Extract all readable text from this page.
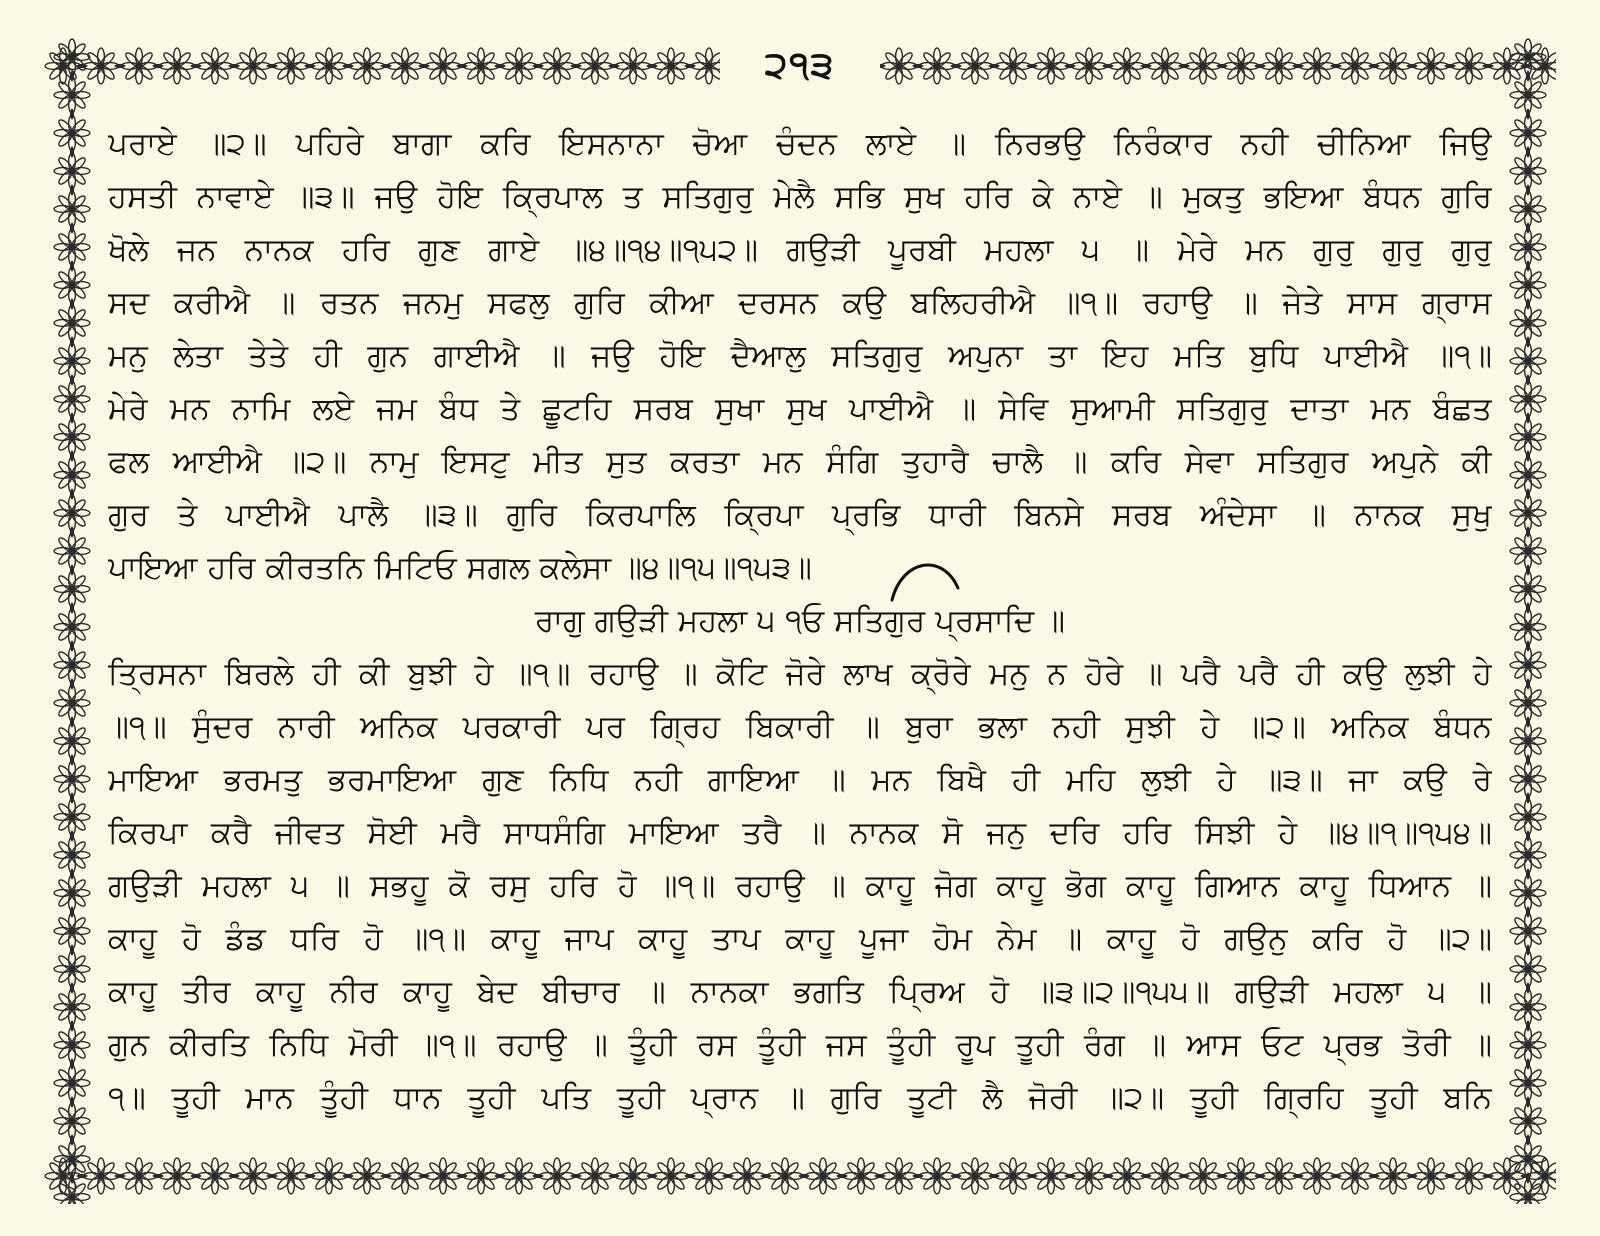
੨੧੩
ਪਰਾਏ ॥੨॥ ਪਹਿਰੇ ਬਾਗਾ ਕਰਿ ਇਸਨਾਨਾ ਚੋਆ ਚੰਦਨ ਲਾਏ ॥ ਨਿਰਭਉ ਨਿਰੰਕਾਰ ਨਹੀ ਚੀਨਿਆ ਜਿਉ
ਹਸਤੀ ਨਾਵਾਏ ॥੩॥ ਜਉ ਹੋਇ ਕ੍ਰਿਪਾਲ ਤ ਸਤਿਗੁਰੁ ਮੇਲੈ ਸਭਿ ਸੁਖ ਹਰਿ ਕੇ ਨਾਏ ॥ ਮੁਕਤੁ ਭਇਆ ਬੰਧਨ ਗੁਰਿ
ਖੋਲੇ ਜਨ ਨਾਨਕ ਹਰਿ ਗੁਣ ਗਾਏ ॥੪॥੧੪॥੧੫੨॥ ਗਉੜੀ ਪੂਰਬੀ ਮਹਲਾ ੫ ॥ ਮੇਰੇ ਮਨ ਗੁਰੁ ਗੁਰੁ ਗੁਰੁ
ਸਦ ਕਰੀਐ ॥ ਰਤਨ ਜਨਮੁ ਸਫਲੁ ਗੁਰਿ ਕੀਆ ਦਰਸਨ ਕਉ ਬਲਿਹਰੀਐ ॥੧॥ ਰਹਾਉ ॥ ਜੇਤੇ ਸਾਸ ਗ੍ਰਾਸ
ਮਨੁ ਲੇਤਾ ਤੇਤੇ ਹੀ ਗੁਨ ਗਾਈਐ ॥ ਜਉ ਹੋਇ ਦੈਆਲੁ ਸਤਿਗੁਰੁ ਅਪੁਨਾ ਤਾ ਇਹ ਮਤਿ ਬੁਧਿ ਪਾਈਐ ॥੧॥
ਮੇਰੇ ਮਨ ਨਾਮਿ ਲਏ ਜਮ ਬੰਧ ਤੇ ਛੂਟਹਿ ਸਰਬ ਸੁਖਾ ਸੁਖ ਪਾਈਐ ॥ ਸੇਵਿ ਸੁਆਮੀ ਸਤਿਗੁਰੁ ਦਾਤਾ ਮਨ ਬੰਛਤ
ਫਲ ਆਈਐ ॥੨॥ ਨਾਮੁ ਇਸਟੁ ਮੀਤ ਸੁਤ ਕਰਤਾ ਮਨ ਸੰਗਿ ਤੁਹਾਰੈ ਚਾਲੈ ॥ ਕਰਿ ਸੇਵਾ ਸਤਿਗੁਰ ਅਪੁਨੇ ਕੀ
ਗੁਰ ਤੇ ਪਾਈਐ ਪਾਲੈ ॥੩॥ ਗੁਰਿ ਕਿਰਪਾਲਿ ਕ੍ਰਿਪਾ ਪ੍ਰਭਿ ਧਾਰੀ ਬਿਨਸੇ ਸਰਬ ਅੰਦੇਸਾ ॥ ਨਾਨਕ ਸੁਖੁ
ਪਾਇਆ ਹਰਿ ਕੀਰਤਨਿ ਮਿਟਿਓ ਸਗਲ ਕਲੇਸਾ ॥੪॥੧੫॥੧੫੩॥
ਰਾਗੁ ਗਉੜੀ ਮਹਲਾ ੫ ੧ਓ ਸਤਿਗੁਰ ਪ੍ਰਸਾਦਿ ॥
ਤ੍ਰਿਸਨਾ ਬਿਰਲੇ ਹੀ ਕੀ ਬੁਝੀ ਹੇ ॥੧॥ ਰਹਾਉ ॥ ਕੋਟਿ ਜੋਰੇ ਲਾਖ ਕ੍ਰੋਰੇ ਮਨੁ ਨ ਹੋਰੇ ॥ ਪਰੈ ਪਰੈ ਹੀ ਕਉ ਲੁਝੀ ਹੇ
॥੧॥ ਸੁੰਦਰ ਨਾਰੀ ਅਨਿਕ ਪਰਕਾਰੀ ਪਰ ਗ੍ਰਿਹ ਬਿਕਾਰੀ ॥ ਬੁਰਾ ਭਲਾ ਨਹੀ ਸੁਝੀ ਹੇ ॥੨॥ ਅਨਿਕ ਬੰਧਨ
ਮਾਇਆ ਭਰਮਤੁ ਭਰਮਾਇਆ ਗੁਣ ਨਿਧਿ ਨਹੀ ਗਾਇਆ ॥ ਮਨ ਬਿਖੈ ਹੀ ਮਹਿ ਲੁਝੀ ਹੇ ॥੩॥ ਜਾ ਕਉ ਰੇ
ਕਿਰਪਾ ਕਰੈ ਜੀਵਤ ਸੋਈ ਮਰੈ ਸਾਧਸੰਗਿ ਮਾਇਆ ਤਰੈ ॥ ਨਾਨਕ ਸੋ ਜਨੁ ਦਰਿ ਹਰਿ ਸਿਝੀ ਹੇ ॥੪॥੧॥੧੫੪॥
ਗਉੜੀ ਮਹਲਾ ੫ ॥ ਸਭਹੂ ਕੋ ਰਸੁ ਹਰਿ ਹੋ ॥੧॥ ਰਹਾਉ ॥ ਕਾਹੂ ਜੋਗ ਕਾਹੂ ਭੋਗ ਕਾਹੂ ਗਿਆਨ ਕਾਹੂ ਧਿਆਨ ॥
ਕਾਹੂ ਹੋ ਡੰਡ ਧਰਿ ਹੋ ॥੧॥ ਕਾਹੂ ਜਾਪ ਕਾਹੂ ਤਾਪ ਕਾਹੂ ਪੂਜਾ ਹੋਮ ਨੇਮ ॥ ਕਾਹੂ ਹੋ ਗਉਨੁ ਕਰਿ ਹੋ ॥੨॥
ਕਾਹੂ ਤੀਰ ਕਾਹੂ ਨੀਰ ਕਾਹੂ ਬੇਦ ਬੀਚਾਰ ॥ ਨਾਨਕਾ ਭਗਤਿ ਪ੍ਰਿਅ ਹੋ ॥੩॥੨॥੧੫੫॥ ਗਉੜੀ ਮਹਲਾ ੫ ॥
ਗੁਨ ਕੀਰਤਿ ਨਿਧਿ ਮੋਰੀ ॥੧॥ ਰਹਾਉ ॥ ਤੂੰਹੀ ਰਸ ਤੂੰਹੀ ਜਸ ਤੂੰਹੀ ਰੂਪ ਤੂਹੀ ਰੰਗ ॥ ਆਸ ਓਟ ਪ੍ਰਭ ਤੋਰੀ ॥
੧॥ ਤੂਹੀ ਮਾਨ ਤੂੰਹੀ ਧਾਨ ਤੂਹੀ ਪਤਿ ਤੂਹੀ ਪ੍ਰਾਨ ॥ ਗੁਰਿ ਤੂਟੀ ਲੈ ਜੋਰੀ ॥੨॥ ਤੂਹੀ ਗ੍ਰਿਹਿ ਤੂਹੀ ਬਨਿ
